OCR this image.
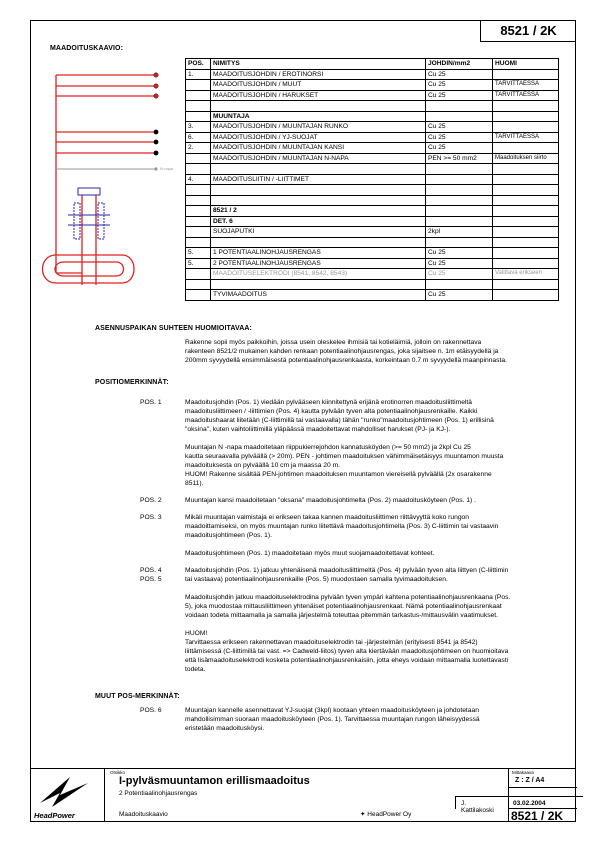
8521 / 2K
MAADOITUSKAAVIO:
N-napa
POS.	NIMITYS	JOHDIN/mm2	HUOMI
1.	MAADOITUSJOHDIN / EROTINORSI	Cu 25	
	MAADOITUSJOHDIN / MUUT	Cu 25	TARVITTAESSA
	MAADOITUSJOHDIN / HARUKSET	Cu 25	TARVITTAESSA

	MUUNTAJA		
3.	MAADOITUSJOHDIN / MUUNTAJAN RUNKO	Cu 25	
6.	MAADOITUSJOHDIN / YJ-SUOJAT	Cu 25	TARVITTAESSA
2.	MAADOITUSJOHDIN / MUUNTAJAN KANSI	Cu 25	
	MAADOITUSJOHDIN / MUUNTAJAN N-NAPA	PEN >= 50 mm2	Maadoituksen siirto

4.	MAADOITUSLIITIN / -LIITTIMET		

	8521 / 2		
	DET. 6		
	SUOJAPUTKI	2kpl	

5.	1 POTENTIAALINOHJAUSRENGAS	Cu 25	
5.	2 POTENTIAALINOHJAUSRENGAS	Cu 25	
	MAADOITUSELEKTRODI (8541, 8542, 8543)	Cu 25	Valittava erikseen

	TYVIMAADOITUS	Cu 25	
ASENNUSPAIKAN SUHTEEN HUOMIOITAVAA:
Rakenne sopii myös paikkoihin, joissa usein oleskelee ihmisiä tai kotieläimiä, jolloin on rakennettava
rakenteen 8521/2 mukainen kahden renkaan potentiaalinohjausrengas, joka sijaitsee n. 1m etäisyydellä ja
200mm syvyydellä ensimmäisestä potentiaalinohjausrenkaasta, korkeintaan 0.7 m syvyydellä maanpinnasta.
POSITIOMERKINNÄT:
POS. 1	Maadoitusjohdin (Pos. 1) viedään pylvääseen kiinnitettynä erijänä erotinorren maadoitusliittimeltä
maadoitusliittimeen / -liittimien (Pos. 4) kautta pylvään tyven alta potentiaalinohjausrenkaille. Kaikki
maadoitushaarat liitetään (C-liittimillä tai vastaavalla) tähän "runko"maadoitusjohtimeen (Pos. 1) erillisinä
"oksina", kuten vaihtoliittimillä yläpäässä maadoitettavat mahdolliset harukset (PJ- ja KJ-).
Muuntajan N -napa maadoitetaan riippukierrejohdon kannatusköyden (>= 50 mm2) ja 2kpl Cu 25
kautta seuraavalla pylväällä (> 20m). PEN - johtimen maadoituksen vähimmäisetäisyys muuntamon muusta
maadoituksesta on pylväällä 10 cm ja maassa 20 m.
HUOM! Rakenne sisältää PEN-johtimen maadoituksen muuntamon viereisellä pylväällä (2x osarakenne
8511).
POS. 2	Muuntajan kansi maadoitetaan "oksana" maadoitusjohtimelta (Pos. 2) maadoitusköyteen (Pos. 1) .
POS. 3	Mikäli muuntajan valmistaja ei erikseen takaa kannen maadoitusliittimen riittävyyttä koko rungon
maadoittamiseksi, on myös muuntajan runko liitettävä maadoitusjohtimella (Pos. 3) C-liittimin tai vastaavin
maadoitusjohtimeen (Pos. 1).
Maadoitusjohtimeen (Pos. 1) maadoitetaan myös muut suojamaadoitettavat kohteet.
POS. 4
POS. 5
Maadoitusjohdin (Pos. 1) jatkuu yhtenäisenä maadoitusliittimeltä (Pos. 4) pylvään tyven alta liittyen (C-liittimin
tai vastaava) potentiaalinohjausrenkaille (Pos. 5) muodostaen samalla tyvimaadoituksen.
Maadoitusjohdin jatkuu maadoituselektrodina pylvään tyven ympäri kahtena potentiaalinohjausrenkaana (Pos.
5), joka muodostaa mittausliittimeen yhtenäiset potentiaalinohjausrenkaat. Nämä potentiaalinohjausrenkaat
voidaan todeta mittaamalla ja samalla järjestelmä toteuttaa pitemmän tarkastus-/mittausvälin vaatimukset.
HUOM!
Tarvittaessa erikseen rakennettavan maadoituselektrodin tai -järjestelmän (erityisesti 8541 ja 8542)
liittämisessä (C-liittimillä tai vast. => Cadweld-liitos) tyven alta kiertävään maadoitusjohtimeen on huomioitava
että lisämaadoituselektrodi kosketa potentiaalinohjausrenkaisiin, jotta eheys voidaan mittaamalla luotettavasti
todeta.
MUUT POS-MERKINNÄT:
POS. 6	Muuntajan kannelle asennettavat YJ-suojat (3kpl) kootaan yhteen maadoitusköyteen ja johdotetaan
mahdollisimman suoraan maadoitusköyteen (Pos. 1). Tarvittaessa muuntajan rungon läheisyydessä
eristetään maadoitusköysi.
HeadPower
Otsikko
I-pylväsmuuntamon erillismaadoitus
2 Potentiaalinohjausrengas
Maadoituskaavio	✦ HeadPower Oy
J. Kattilakoski
Mittakaava
Z : Z / A4
03.02.2004
8521 / 2K
